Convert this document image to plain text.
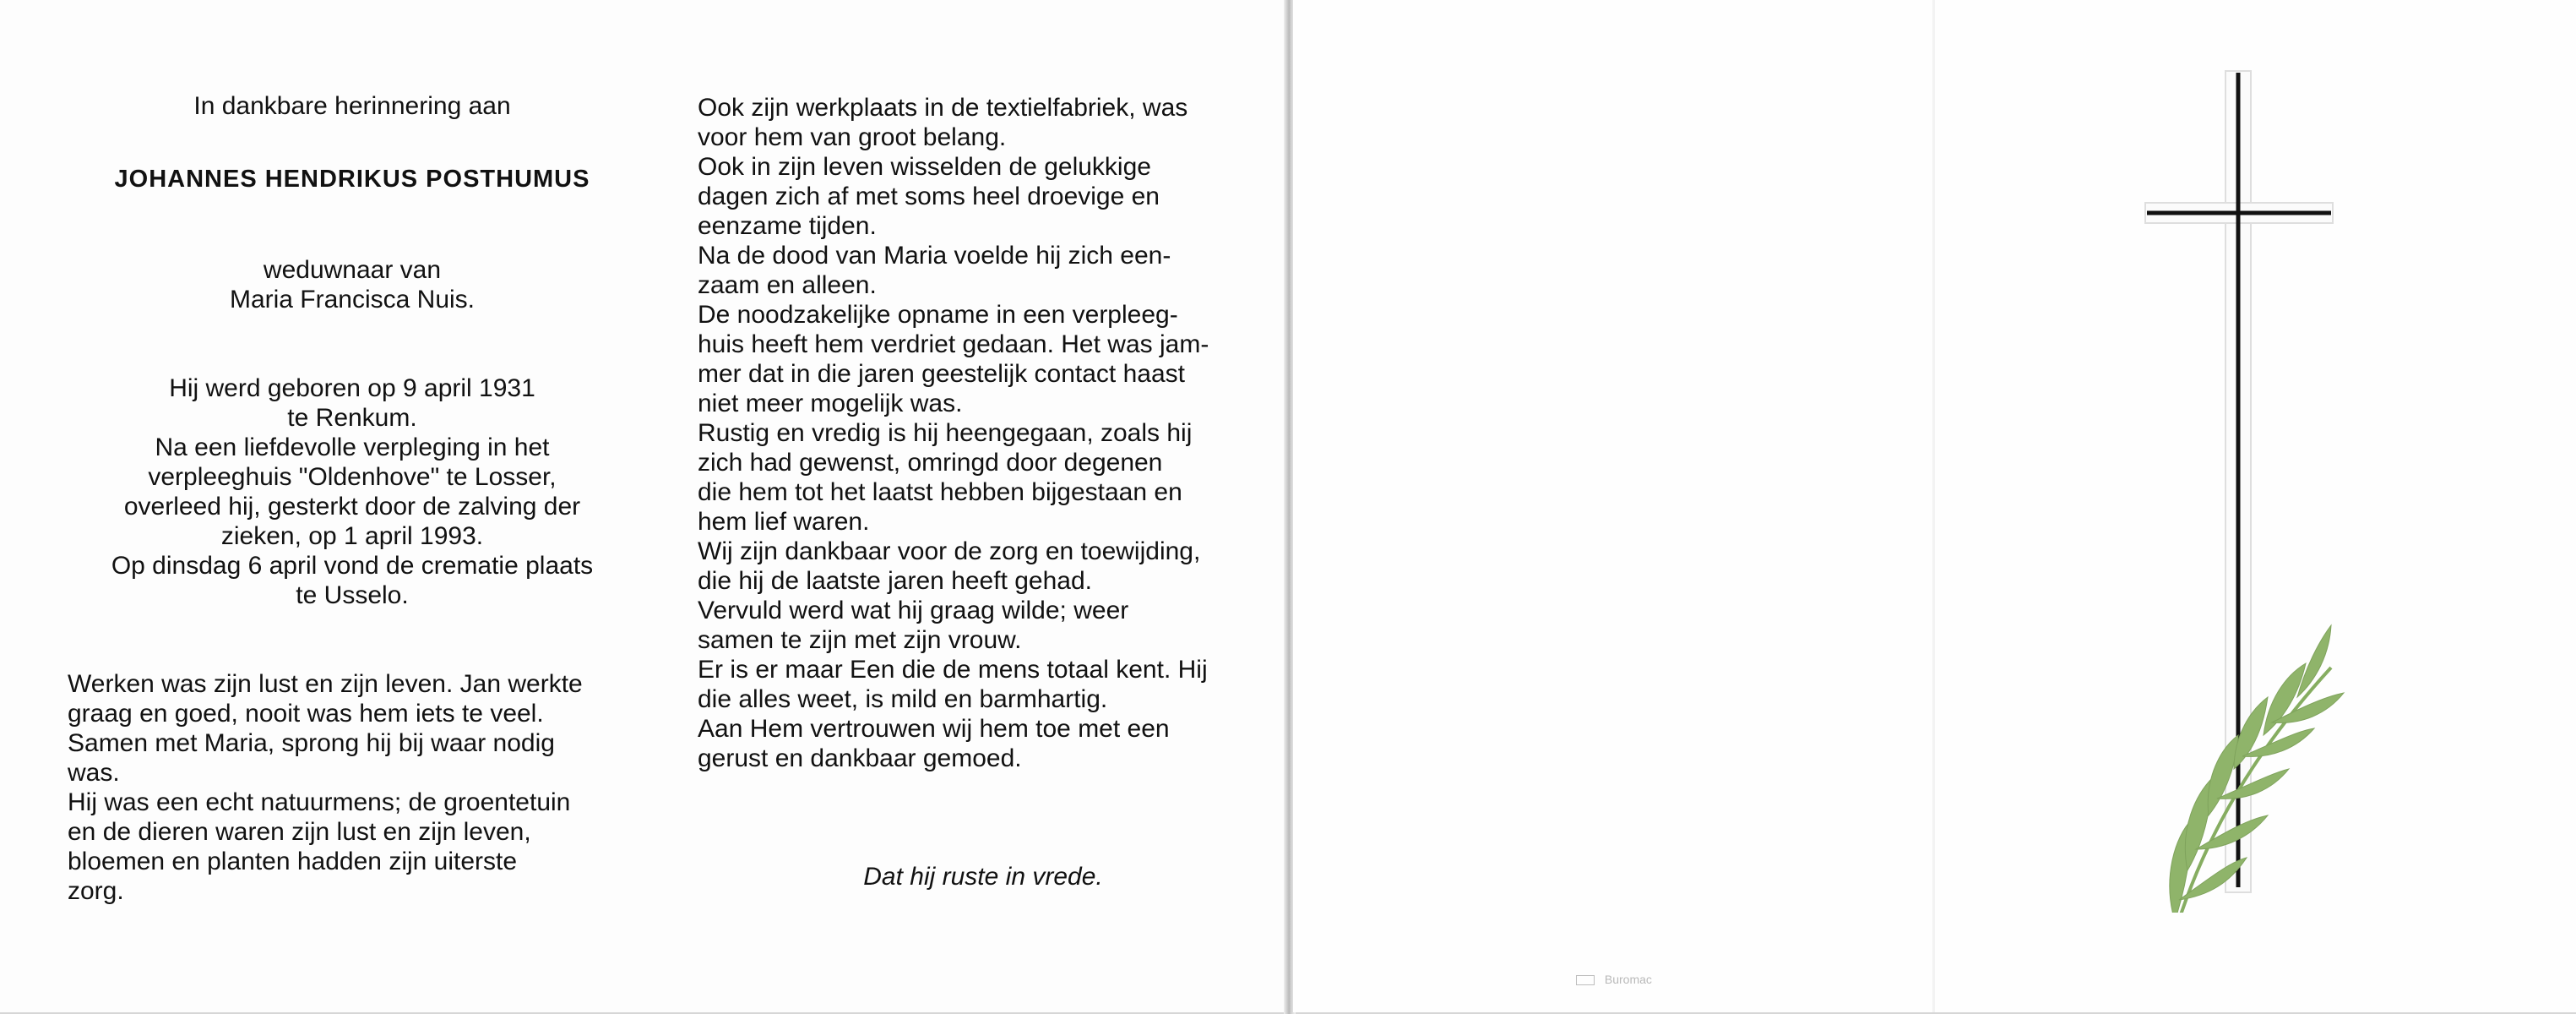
In dankbare herinnering aan

JOHANNES HENDRIKUS POSTHUMUS

weduwnaar van

Maria Francisca Nuis.

Hij werd geboren op 9 april 1931
te Renkum.
Na een liefdevolle verpleging in het
verpleeghuis "Oldenhove" te Losser,
overleed hij, gesterkt door de zalving der
zieken, op 1 april 1993.
Op dinsdag 6 april vond de crematie plaats
te Usselo.
Werken was zijn lust en zijn leven. Jan werkte
graag en goed, nooit was hem iets te veel.
Samen met Maria, sprong hij bij waar nodig
was.
Hij was een echt natuurmens; de groentetuin
en de dieren waren zijn lust en zijn leven,
bloemen en planten hadden zijn uiterste
zorg.
Ook zijn werkplaats in de textielfabriek, was
voor hem van groot belang.
Ook in zijn leven wisselden de gelukkige
dagen zich af met soms heel droevige en
eenzame tijden.
Na de dood van Maria voelde hij zich een-
zaam en alleen.
De noodzakelijke opname in een verpleeg-
huis heeft hem verdriet gedaan. Het was jam-
mer dat in die jaren geestelijk contact haast
niet meer mogelijk was.
Rustig en vredig is hij heengegaan, zoals hij
zich had gewenst, omringd door degenen
die hem tot het laatst hebben bijgestaan en
hem lief waren.
Wij zijn dankbaar voor de zorg en toewijding,
die hij de laatste jaren heeft gehad.
Vervuld werd wat hij graag wilde; weer
samen te zijn met zijn vrouw.
Er is er maar Een die de mens totaal kent. Hij
die alles weet, is mild en barmhartig.
Aan Hem vertrouwen wij hem toe met een
gerust en dankbaar gemoed.

Dat hij ruste in vrede.

Buromac
